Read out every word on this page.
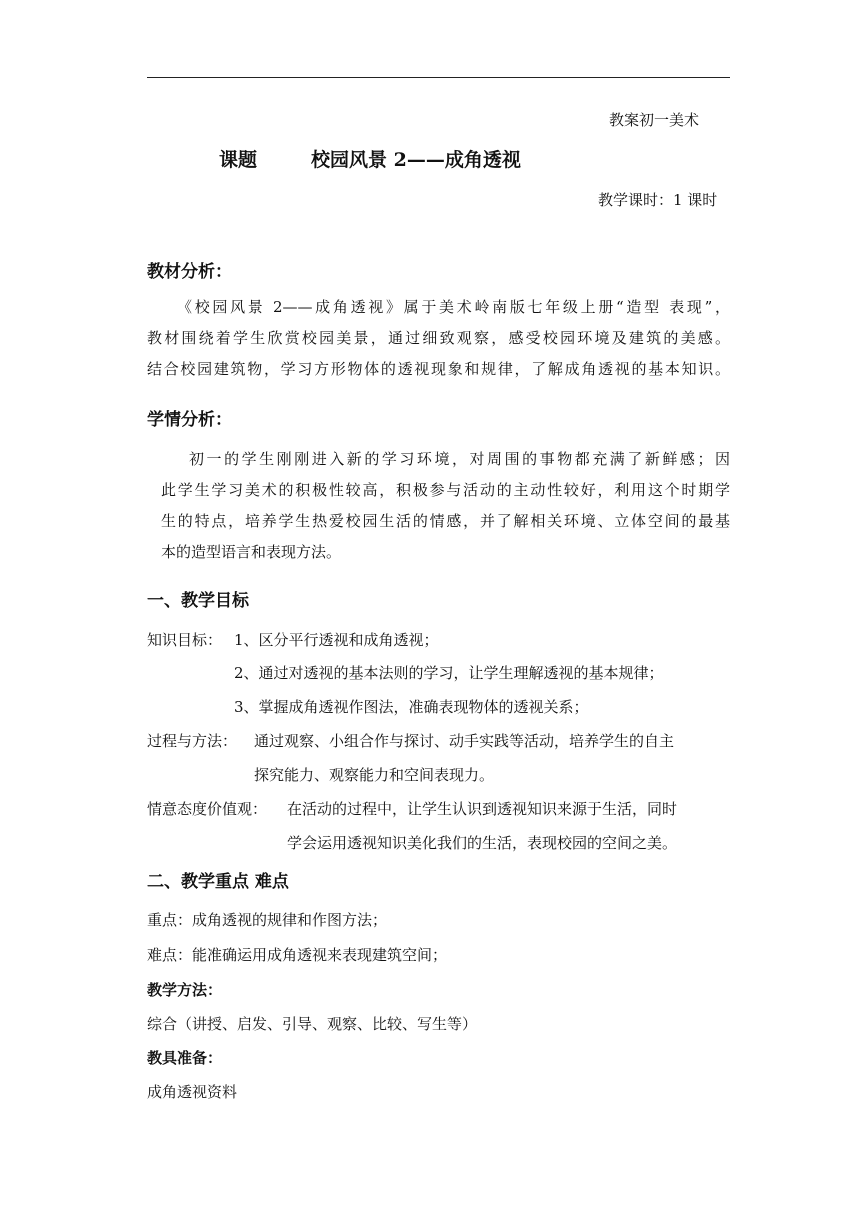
教案初一美术
课题	校园风景 2——成角透视
教学课时：1 课时
教材分析：

《校园风景 2——成角透视》属于美术岭南版七年级上册“造型 表现”，

教材围绕着学生欣赏校园美景，通过细致观察，感受校园环境及建筑的美感。

结合校园建筑物，学习方形物体的透视现象和规律，了解成角透视的基本知识。

学情分析：

初一的学生刚刚进入新的学习环境，对周围的事物都充满了新鲜感；因

此学生学习美术的积极性较高，积极参与活动的主动性较好，利用这个时期学

生的特点，培养学生热爱校园生活的情感，并了解相关环境、立体空间的最基

本的造型语言和表现方法。

一、教学目标
知识目标： 1、区分平行透视和成角透视；
2、通过对透视的基本法则的学习，让学生理解透视的基本规律；
3、掌握成角透视作图法，准确表现物体的透视关系；
过程与方法： 通过观察、小组合作与探讨、动手实践等活动，培养学生的自主
探究能力、观察能力和空间表现力。
情意态度价值观： 在活动的过程中，让学生认识到透视知识来源于生活，同时
学会运用透视知识美化我们的生活，表现校园的空间之美。
二、教学重点 难点
重点：成角透视的规律和作图方法；
难点：能准确运用成角透视来表现建筑空间；
教学方法：
综合（讲授、启发、引导、观察、比较、写生等）
教具准备：
成角透视资料
